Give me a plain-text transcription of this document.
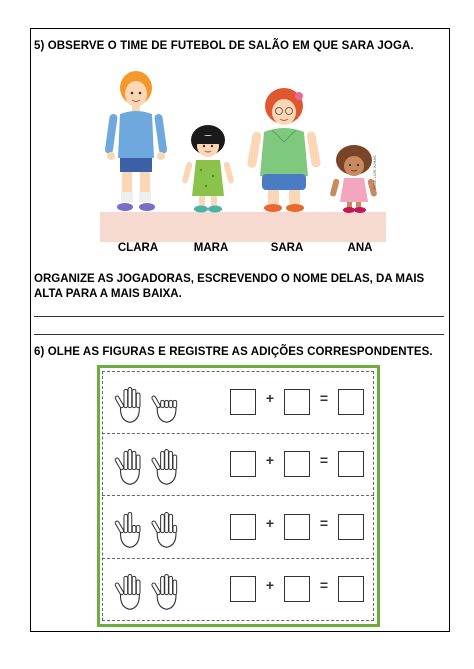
5) OBSERVE O TIME DE FUTEBOL DE SALÃO EM QUE SARA JOGA.
JOSÉ LUIS JUHAS
CLARA	MARA	SARA	ANA
ORGANIZE AS JOGADORAS, ESCREVENDO O NOME DELAS, DA MAIS ALTA PARA A MAIS BAIXA.
6) OLHE AS FIGURAS E REGISTRE AS ADIÇÕES CORRESPONDENTES.
+	=
+	=
+	=
+	=
